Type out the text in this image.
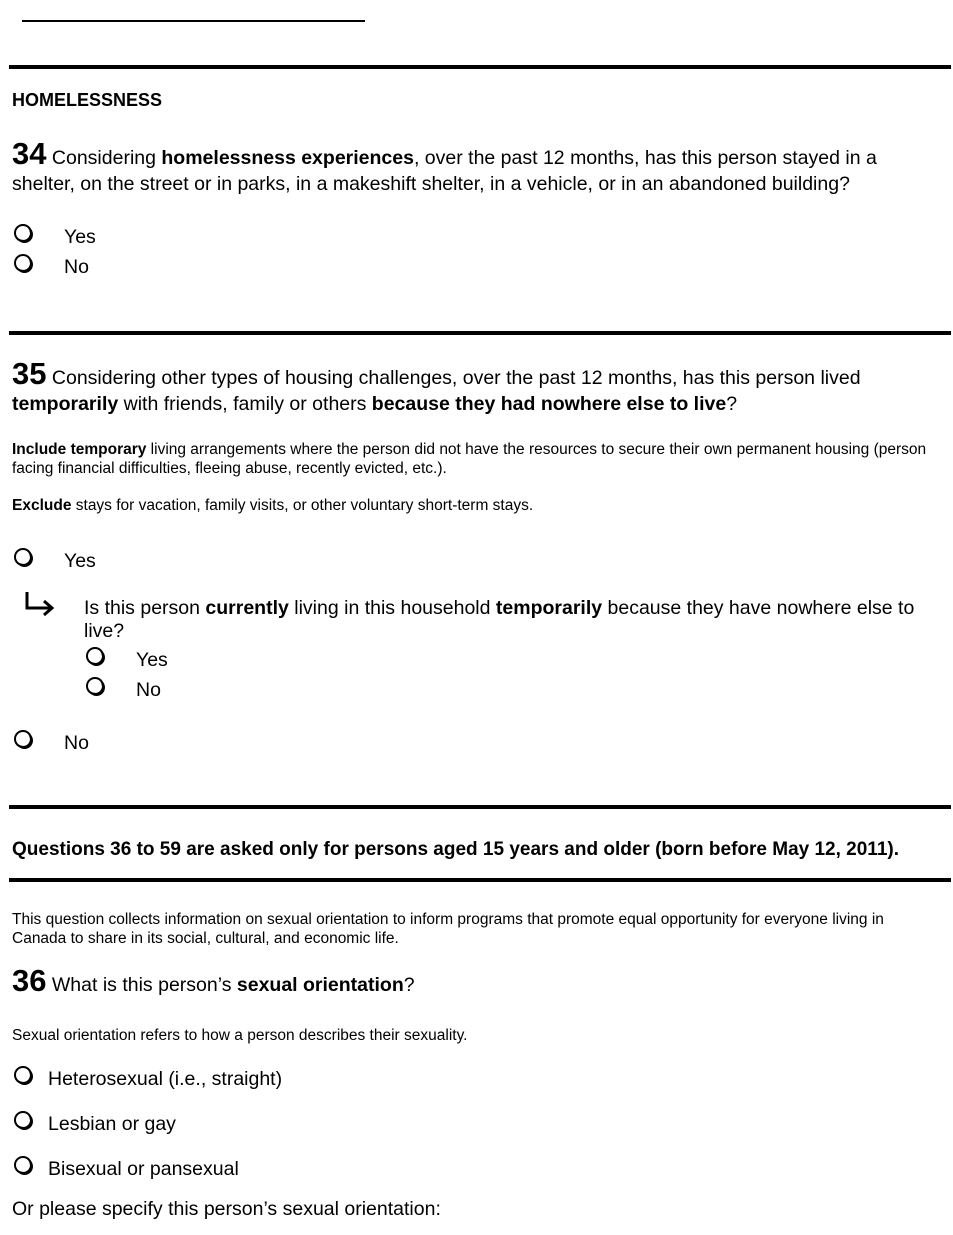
HOMELESSNESS
34 Considering homelessness experiences, over the past 12 months, has this person stayed in a shelter, on the street or in parks, in a makeshift shelter, in a vehicle, or in an abandoned building?
Yes
No
35 Considering other types of housing challenges, over the past 12 months, has this person lived temporarily with friends, family or others because they had nowhere else to live?
Include temporary living arrangements where the person did not have the resources to secure their own permanent housing (person facing financial difficulties, fleeing abuse, recently evicted, etc.).
Exclude stays for vacation, family visits, or other voluntary short-term stays.
Yes
Is this person currently living in this household temporarily because they have nowhere else to live?
Yes
No
No
Questions 36 to 59 are asked only for persons aged 15 years and older (born before May 12, 2011).
This question collects information on sexual orientation to inform programs that promote equal opportunity for everyone living in Canada to share in its social, cultural, and economic life.
36 What is this person’s sexual orientation?
Sexual orientation refers to how a person describes their sexuality.
Heterosexual (i.e., straight)
Lesbian or gay
Bisexual or pansexual
Or please specify this person’s sexual orientation:
